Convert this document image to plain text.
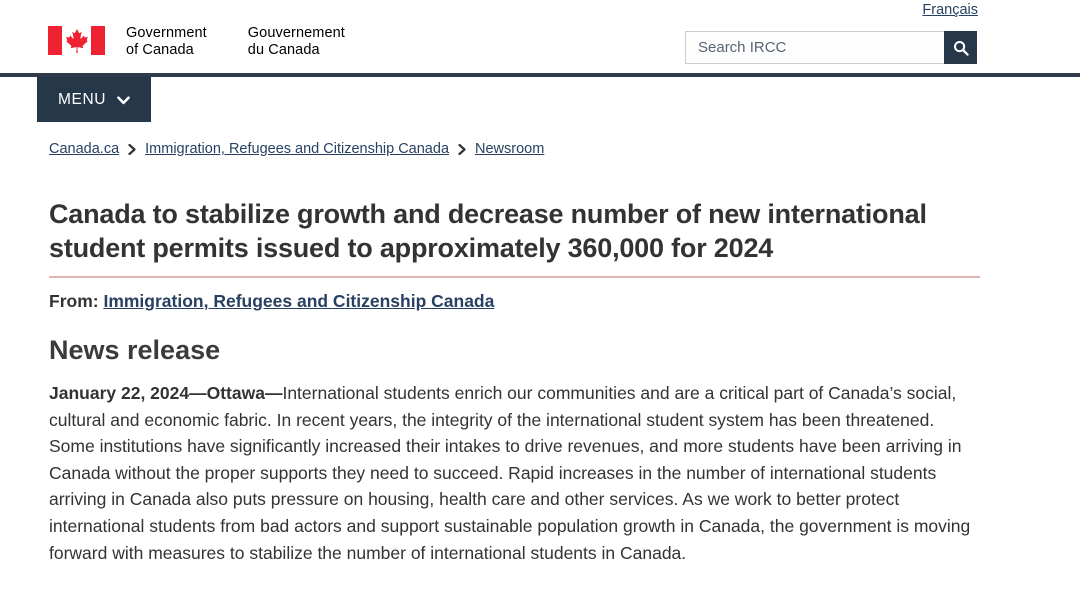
Français
Government
of Canada
Gouvernement
du Canada
Search IRCC
MENU
Canada.ca Immigration, Refugees and Citizenship Canada Newsroom
Canada to stabilize growth and decrease number of new international student permits issued to approximately 360,000 for 2024

From: Immigration, Refugees and Citizenship Canada

News release

January 22, 2024—Ottawa—International students enrich our communities and are a critical part of Canada’s social, cultural and economic fabric. In recent years, the integrity of the international student system has been threatened. Some institutions have significantly increased their intakes to drive revenues, and more students have been arriving in Canada without the proper supports they need to succeed. Rapid increases in the number of international students arriving in Canada also puts pressure on housing, health care and other services. As we work to better protect international students from bad actors and support sustainable population growth in Canada, the government is moving forward with measures to stabilize the number of international students in Canada.
